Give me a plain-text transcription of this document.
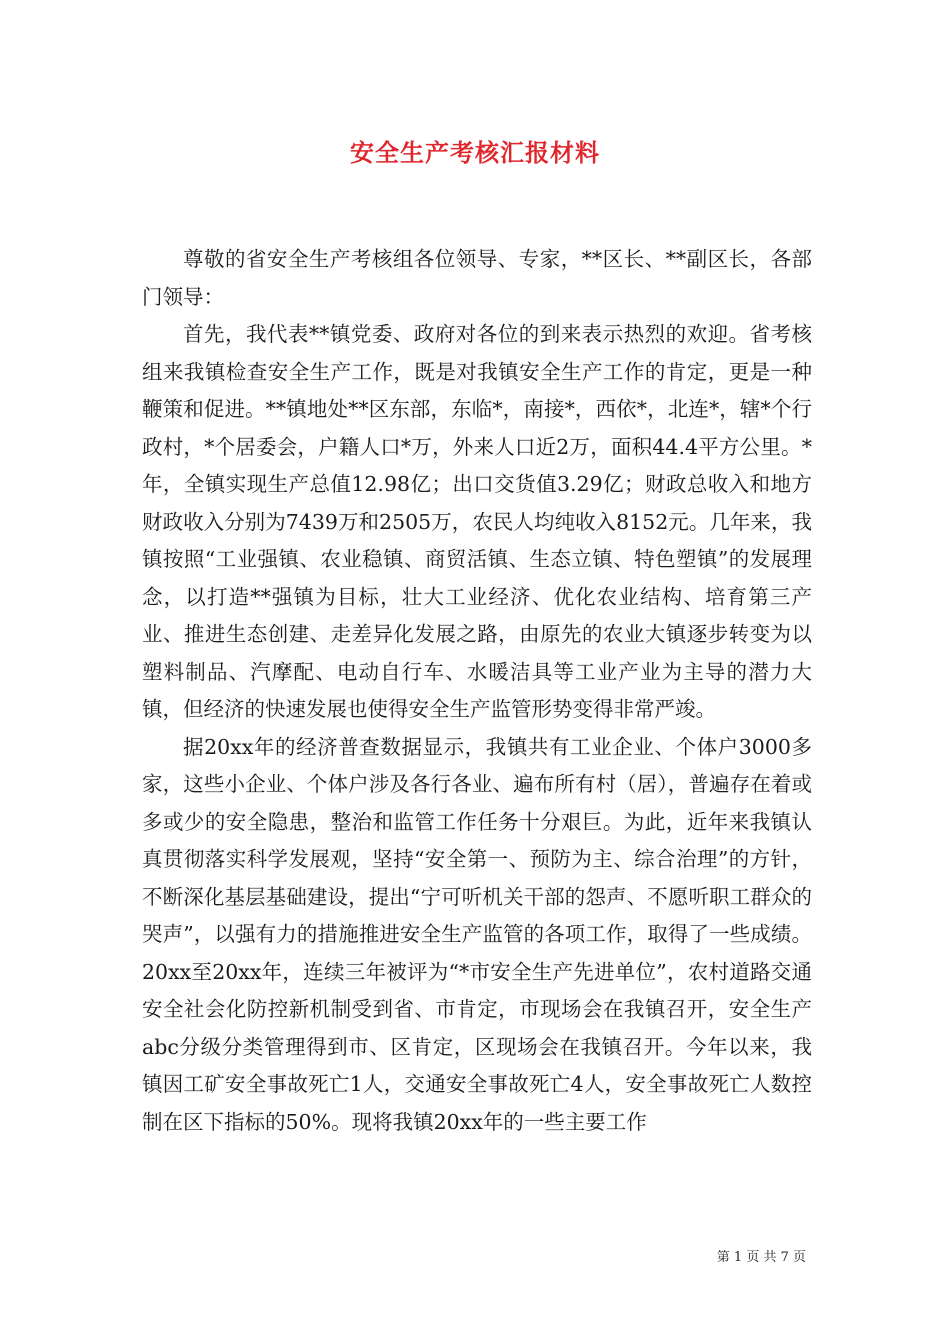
安全生产考核汇报材料

尊敬的省安全生产考核组各位领导、专家，**区长、**副区长，各部门领导：

首先，我代表**镇党委、政府对各位的到来表示热烈的欢迎。省考核组来我镇检查安全生产工作，既是对我镇安全生产工作的肯定，更是一种鞭策和促进。**镇地处**区东部，东临*，南接*，西依*，北连*，辖*个行政村，*个居委会，户籍人口*万，外来人口近2万，面积44.4平方公里。*年，全镇实现生产总值12.98亿；出口交货值3.29亿；财政总收入和地方财政收入分别为7439万和2505万，农民人均纯收入8152元。几年来，我镇按照“工业强镇、农业稳镇、商贸活镇、生态立镇、特色塑镇”的发展理念，以打造**强镇为目标，壮大工业经济、优化农业结构、培育第三产业、推进生态创建、走差异化发展之路，由原先的农业大镇逐步转变为以塑料制品、汽摩配、电动自行车、水暖洁具等工业产业为主导的潜力大镇，但经济的快速发展也使得安全生产监管形势变得非常严竣。

据20xx年的经济普查数据显示，我镇共有工业企业、个体户3000多家，这些小企业、个体户涉及各行各业、遍布所有村（居），普遍存在着或多或少的安全隐患，整治和监管工作任务十分艰巨。为此，近年来我镇认真贯彻落实科学发展观，坚持“安全第一、预防为主、综合治理”的方针，不断深化基层基础建设，提出“宁可听机关干部的怨声、不愿听职工群众的哭声”，以强有力的措施推进安全生产监管的各项工作，取得了一些成绩。20xx至20xx年，连续三年被评为“*市安全生产先进单位”，农村道路交通安全社会化防控新机制受到省、市肯定，市现场会在我镇召开，安全生产abc分级分类管理得到市、区肯定，区现场会在我镇召开。今年以来，我镇因工矿安全事故死亡1人，交通安全事故死亡4人，安全事故死亡人数控制在区下指标的50%。现将我镇20xx年的一些主要工作

第 1 页 共 7 页
